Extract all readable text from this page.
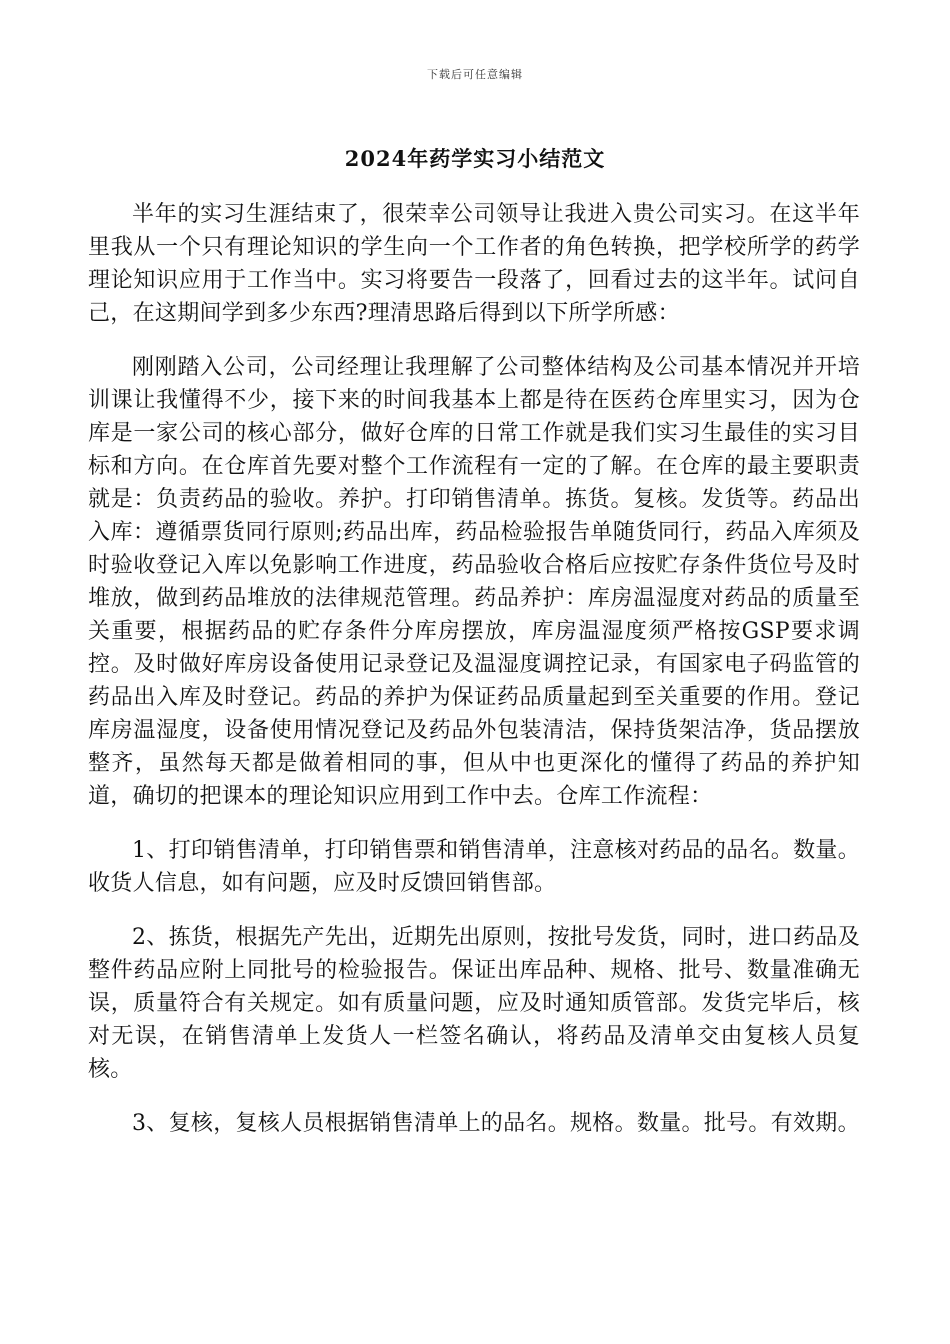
下载后可任意编辑
2024年药学实习小结范文

半年的实习生涯结束了，很荣幸公司领导让我进入贵公司实习。在这半年里我从一个只有理论知识的学生向一个工作者的角色转换，把学校所学的药学理论知识应用于工作当中。实习将要告一段落了，回看过去的这半年。试问自己，在这期间学到多少东西?理清思路后得到以下所学所感：

刚刚踏入公司，公司经理让我理解了公司整体结构及公司基本情况并开培训课让我懂得不少，接下来的时间我基本上都是待在医药仓库里实习，因为仓库是一家公司的核心部分，做好仓库的日常工作就是我们实习生最佳的实习目标和方向。在仓库首先要对整个工作流程有一定的了解。在仓库的最主要职责就是：负责药品的验收。养护。打印销售清单。拣货。复核。发货等。药品出入库：遵循票货同行原则;药品出库，药品检验报告单随货同行，药品入库须及时验收登记入库以免影响工作进度，药品验收合格后应按贮存条件货位号及时堆放，做到药品堆放的法律规范管理。药品养护：库房温湿度对药品的质量至关重要，根据药品的贮存条件分库房摆放，库房温湿度须严格按GSP要求调控。及时做好库房设备使用记录登记及温湿度调控记录，有国家电子码监管的药品出入库及时登记。药品的养护为保证药品质量起到至关重要的作用。登记库房温湿度，设备使用情况登记及药品外包装清洁，保持货架洁净，货品摆放整齐，虽然每天都是做着相同的事，但从中也更深化的懂得了药品的养护知道，确切的把课本的理论知识应用到工作中去。仓库工作流程：

1、打印销售清单，打印销售票和销售清单，注意核对药品的品名。数量。收货人信息，如有问题，应及时反馈回销售部。

2、拣货，根据先产先出，近期先出原则，按批号发货，同时，进口药品及整件药品应附上同批号的检验报告。保证出库品种、规格、批号、数量准确无误，质量符合有关规定。如有质量问题，应及时通知质管部。发货完毕后，核对无误，在销售清单上发货人一栏签名确认，将药品及清单交由复核人员复核。

3、复核，复核人员根据销售清单上的品名。规格。数量。批号。有效期。
